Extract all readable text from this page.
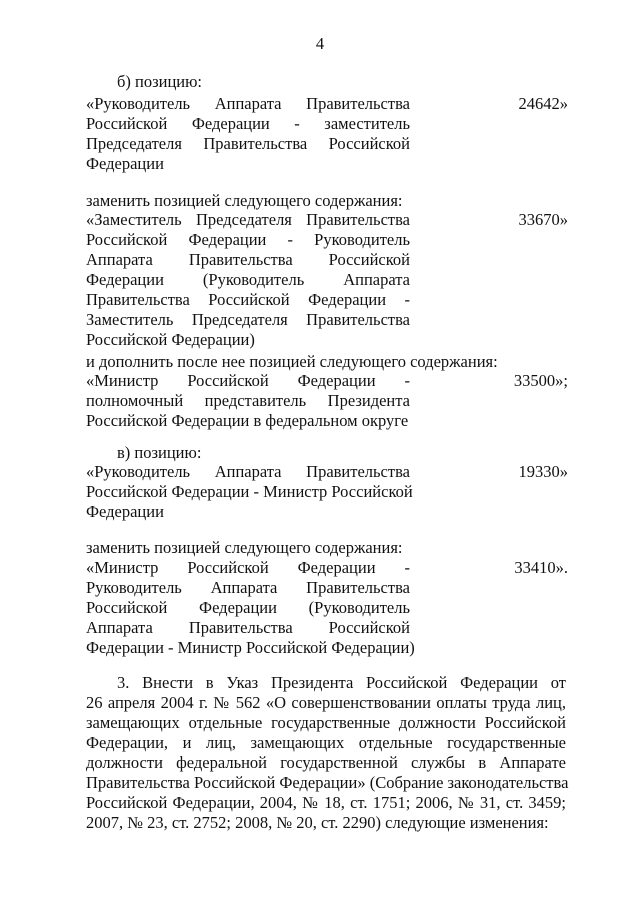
4
б) позицию:
«Руководитель Аппарата Правительства
Российской Федерации - заместитель
Председателя Правительства Российской
Федерации
24642»
заменить позицией следующего содержания:
«Заместитель Председателя Правительства
Российской Федерации - Руководитель
Аппарата Правительства Российской
Федерации (Руководитель Аппарата
Правительства Российской Федерации -
Заместитель Председателя Правительства
Российской Федерации)
33670»
и дополнить после нее позицией следующего содержания:
«Министр Российской Федерации -
полномочный представитель Президента
Российской Федерации в федеральном округе
33500»;
в) позицию:
«Руководитель Аппарата Правительства
Российской Федерации - Министр Российской
Федерации
19330»
заменить позицией следующего содержания:
«Министр Российской Федерации -
Руководитель Аппарата Правительства
Российской Федерации (Руководитель
Аппарата Правительства Российской
Федерации - Министр Российской Федерации)
33410».
3. Внести в Указ Президента Российской Федерации от
26 апреля 2004 г. № 562 «О совершенствовании оплаты труда лиц,
замещающих отдельные государственные должности Российской
Федерации, и лиц, замещающих отдельные государственные
должности федеральной государственной службы в Аппарате
Правительства Российской Федерации» (Собрание законодательства
Российской Федерации, 2004, № 18, ст. 1751; 2006, № 31, ст. 3459;
2007, № 23, ст. 2752; 2008, № 20, ст. 2290) следующие изменения:
